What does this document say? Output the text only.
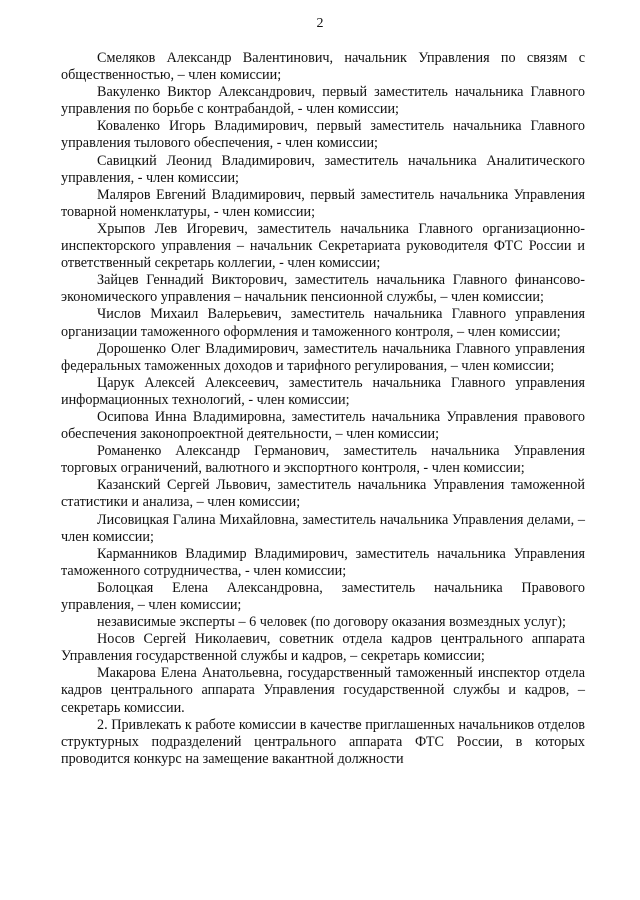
2

Смеляков Александр Валентинович, начальник Управления по связям с общественностью, – член комиссии;

Вакуленко Виктор Александрович, первый заместитель начальника Главного управления по борьбе с контрабандой, - член комиссии;

Коваленко Игорь Владимирович, первый заместитель начальника Главного управления тылового обеспечения, - член комиссии;

Савицкий Леонид Владимирович, заместитель начальника Аналитического управления, - член комиссии;

Маляров Евгений Владимирович, первый заместитель начальника Управления товарной номенклатуры, - член комиссии;

Хрыпов Лев Игоревич, заместитель начальника Главного организационно-инспекторского управления – начальник Секретариата руководителя ФТС России и ответственный секретарь коллегии, - член комиссии;

Зайцев Геннадий Викторович, заместитель начальника Главного финансово-экономического управления – начальник пенсионной службы, – член комиссии;

Числов Михаил Валерьевич, заместитель начальника Главного управления организации таможенного оформления и таможенного контроля, – член комиссии;

Дорошенко Олег Владимирович, заместитель начальника Главного управления федеральных таможенных доходов и тарифного регулирования, – член комиссии;

Царук Алексей Алексеевич, заместитель начальника Главного управления информационных технологий, - член комиссии;

Осипова Инна Владимировна, заместитель начальника Управления правового обеспечения законопроектной деятельности, – член комиссии;

Романенко Александр Германович, заместитель начальника Управления торговых ограничений, валютного и экспортного контроля, - член комиссии;

Казанский Сергей Львович, заместитель начальника Управления таможенной статистики и анализа, – член комиссии;

Лисовицкая Галина Михайловна, заместитель начальника Управления делами, – член комиссии;

Карманников Владимир Владимирович, заместитель начальника Управления таможенного сотрудничества, - член комиссии;

Болоцкая Елена Александровна, заместитель начальника Правового управления, – член комиссии;

независимые эксперты – 6 человек (по договору оказания возмездных услуг);

Носов Сергей Николаевич, советник отдела кадров центрального аппарата Управления государственной службы и кадров, – секретарь комиссии;

Макарова Елена Анатольевна, государственный таможенный инспектор отдела кадров центрального аппарата Управления государственной службы и кадров, – секретарь комиссии.

2. Привлекать к работе комиссии в качестве приглашенных начальников отделов структурных подразделений центрального аппарата ФТС России, в которых проводится конкурс на замещение вакантной должности
